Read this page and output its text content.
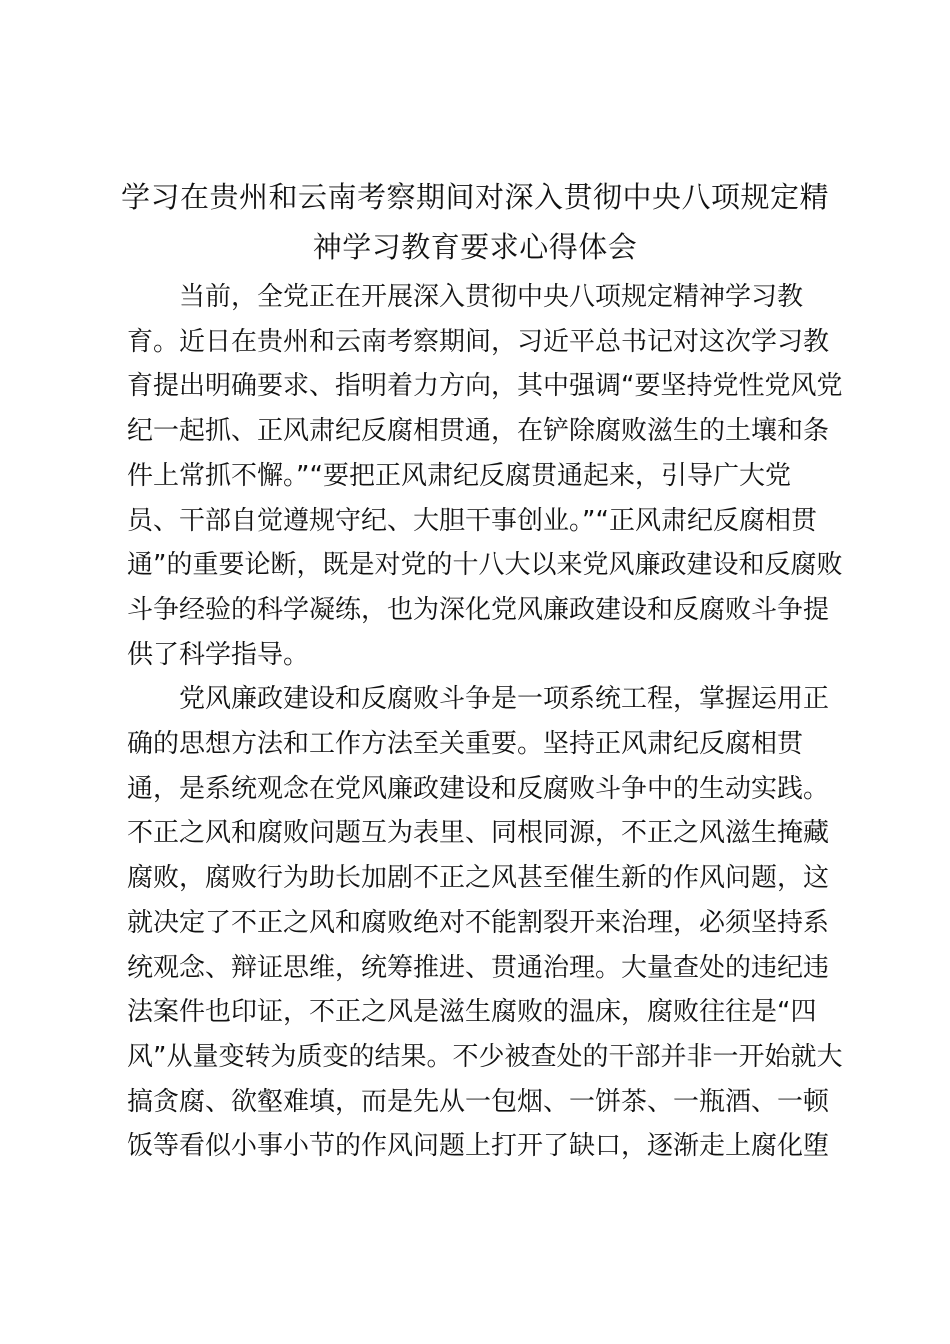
学习在贵州和云南考察期间对深入贯彻中央八项规定精
神学习教育要求心得体会

当前，全党正在开展深入贯彻中央八项规定精神学习教
育。近日在贵州和云南考察期间，习近平总书记对这次学习教
育提出明确要求、指明着力方向，其中强调“要坚持党性党风党
纪一起抓、正风肃纪反腐相贯通，在铲除腐败滋生的土壤和条
件上常抓不懈。”“要把正风肃纪反腐贯通起来，引导广大党
员、干部自觉遵规守纪、大胆干事创业。”“正风肃纪反腐相贯
通”的重要论断，既是对党的十八大以来党风廉政建设和反腐败
斗争经验的科学凝练，也为深化党风廉政建设和反腐败斗争提
供了科学指导。

党风廉政建设和反腐败斗争是一项系统工程，掌握运用正
确的思想方法和工作方法至关重要。坚持正风肃纪反腐相贯
通，是系统观念在党风廉政建设和反腐败斗争中的生动实践。
不正之风和腐败问题互为表里、同根同源，不正之风滋生掩藏
腐败，腐败行为助长加剧不正之风甚至催生新的作风问题，这
就决定了不正之风和腐败绝对不能割裂开来治理，必须坚持系
统观念、辩证思维，统筹推进、贯通治理。大量查处的违纪违
法案件也印证，不正之风是滋生腐败的温床，腐败往往是“四
风”从量变转为质变的结果。不少被查处的干部并非一开始就大
搞贪腐、欲壑难填，而是先从一包烟、一饼茶、一瓶酒、一顿
饭等看似小事小节的作风问题上打开了缺口，逐渐走上腐化堕
